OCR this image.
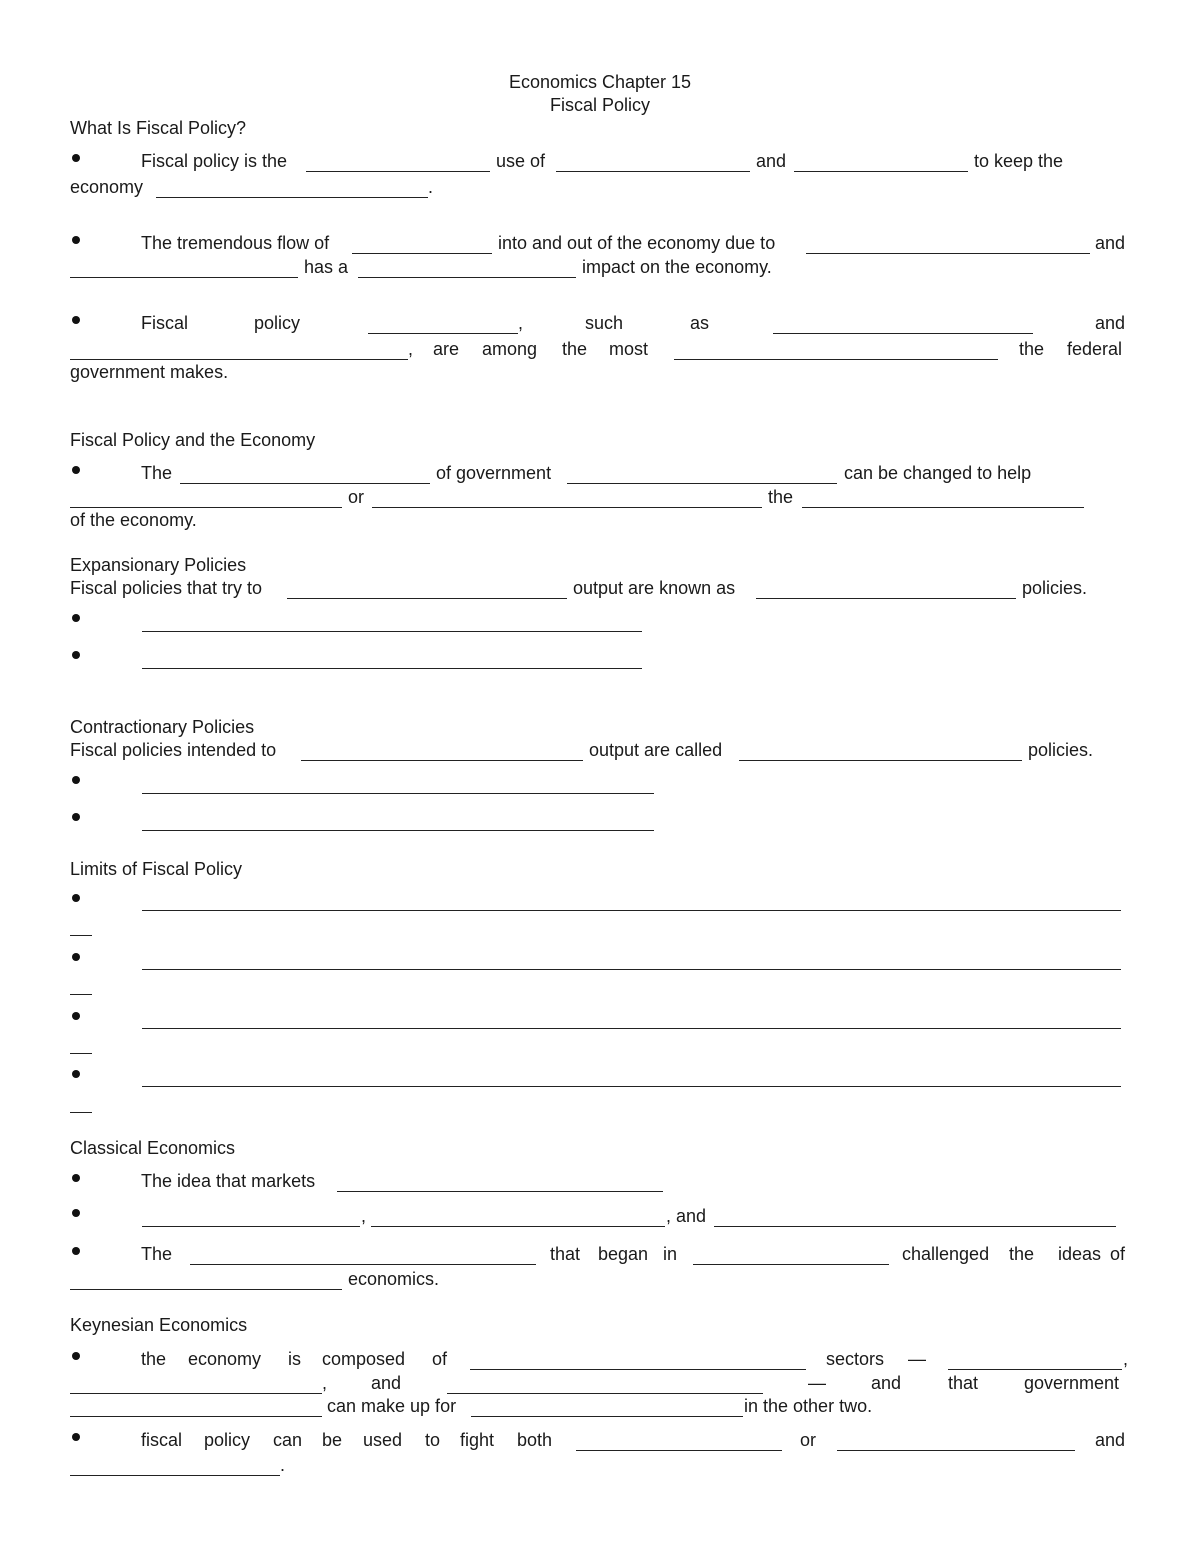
Economics Chapter 15
Fiscal Policy
What Is Fiscal Policy?
Fiscal policy is the	use of	and	to keep the
economy	.
The tremendous flow of	into and out of the economy due to	and
has a	impact on the economy.
Fiscal	policy	,	such	as	and
, are among the most	the federal
government makes.
Fiscal Policy and the Economy
The	of government	can be changed to help
or	the
of the economy.
Expansionary Policies
Fiscal policies that try to	output are known as	policies.
Contractionary Policies
Fiscal policies intended to	output are called	policies.
Limits of Fiscal Policy
Classical Economics
The idea that markets
,	, and
The	that began in	challenged the ideas of
economics.
Keynesian Economics
the economy is composed of	sectors —	,
, and	—	and	that	government
can make up for	in the other two.
fiscal policy can be used to fight both	or	and
.
